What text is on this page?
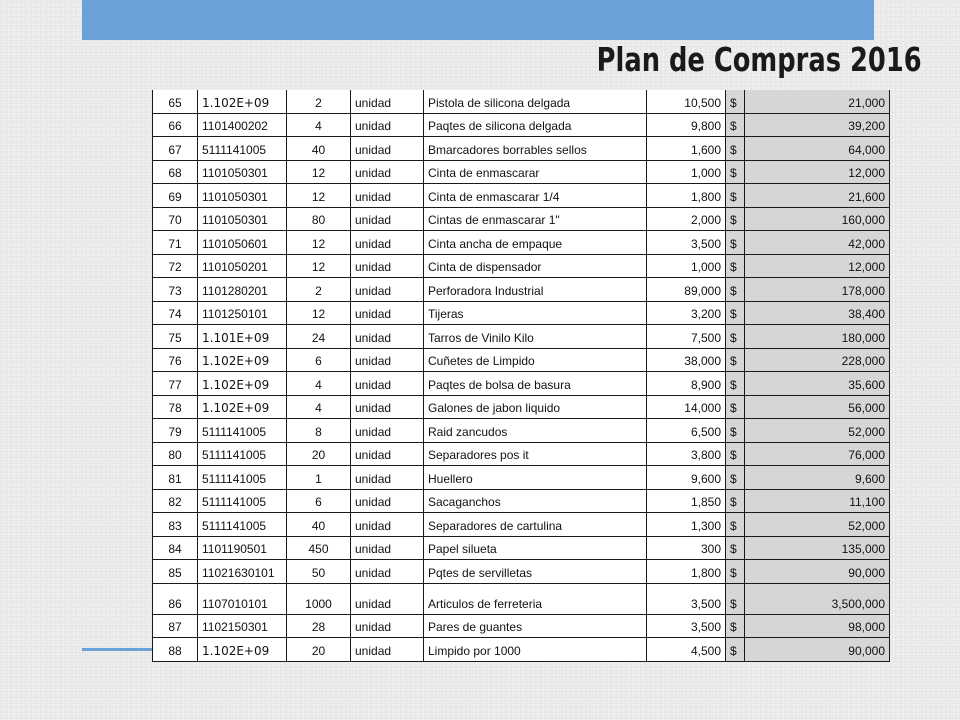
Plan de Compras 2016
65	1.102E+09	2	unidad	Pistola de silicona delgada	10,500	$	21,000
66	1101400202	4	unidad	Paqtes de silicona delgada	9,800	$	39,200
67	5111141005	40	unidad	Bmarcadores borrables sellos	1,600	$	64,000
68	1101050301	12	unidad	Cinta de enmascarar	1,000	$	12,000
69	1101050301	12	unidad	Cinta de enmascarar 1/4	1,800	$	21,600
70	1101050301	80	unidad	Cintas de enmascarar 1"	2,000	$	160,000
71	1101050601	12	unidad	Cinta ancha de empaque	3,500	$	42,000
72	1101050201	12	unidad	Cinta de dispensador	1,000	$	12,000
73	1101280201	2	unidad	Perforadora Industrial	89,000	$	178,000
74	1101250101	12	unidad	Tijeras	3,200	$	38,400
75	1.101E+09	24	unidad	Tarros de Vinilo Kilo	7,500	$	180,000
76	1.102E+09	6	unidad	Cuñetes de Limpido	38,000	$	228,000
77	1.102E+09	4	unidad	Paqtes de bolsa de basura	8,900	$	35,600
78	1.102E+09	4	unidad	Galones de jabon liquido	14,000	$	56,000
79	5111141005	8	unidad	Raid zancudos	6,500	$	52,000
80	5111141005	20	unidad	Separadores pos it	3,800	$	76,000
81	5111141005	1	unidad	Huellero	9,600	$	9,600
82	5111141005	6	unidad	Sacaganchos	1,850	$	11,100
83	5111141005	40	unidad	Separadores de cartulina	1,300	$	52,000
84	1101190501	450	unidad	Papel silueta	300	$	135,000
85	11021630101	50	unidad	Pqtes de servilletas	1,800	$	90,000
86	1107010101	1000	unidad	Articulos de ferreteria	3,500	$	3,500,000
87	1102150301	28	unidad	Pares de guantes	3,500	$	98,000
88	1.102E+09	20	unidad	Limpido por 1000	4,500	$	90,000
